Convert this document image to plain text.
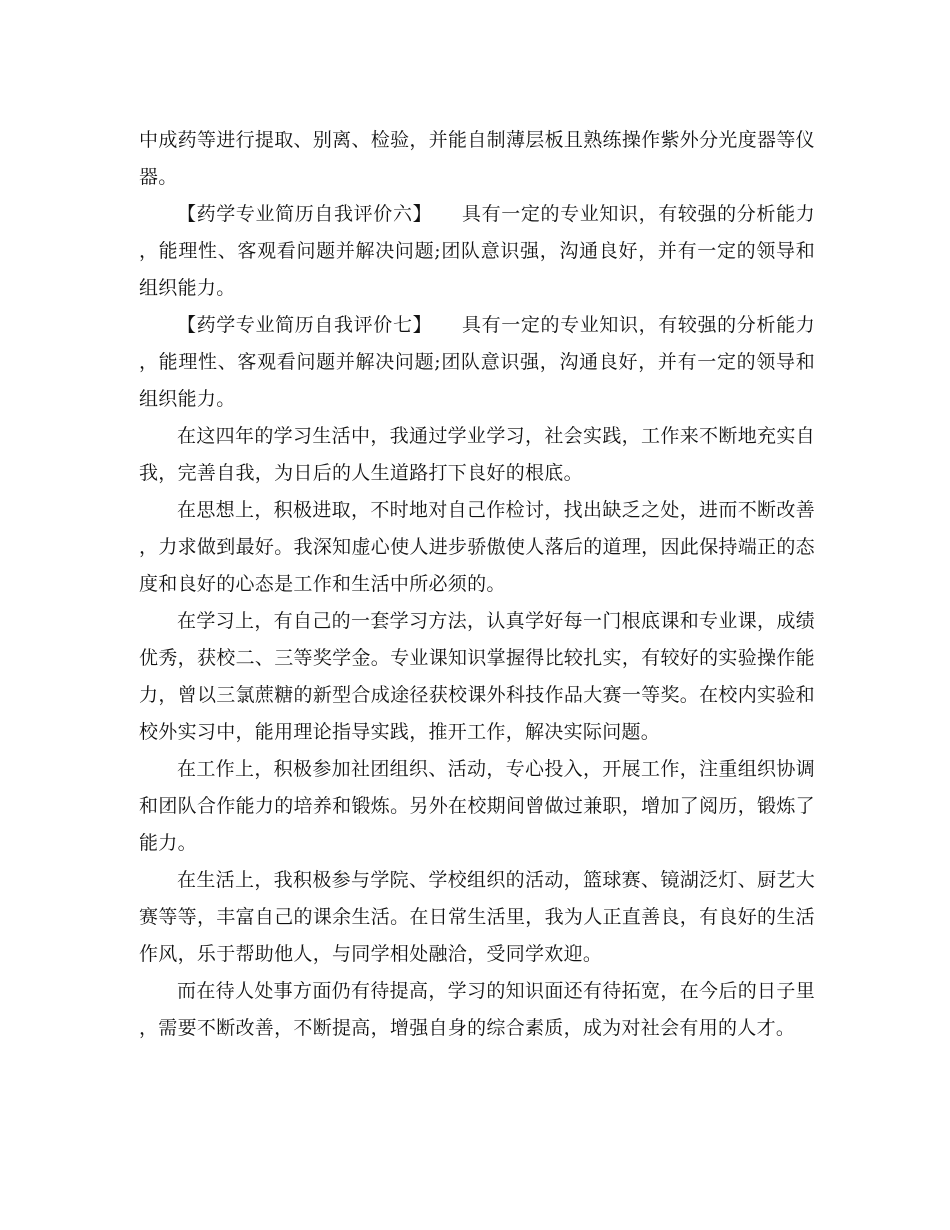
中成药等进行提取、别离、检验，并能自制薄层板且熟练操作紫外分光度器等仪器。

【药学专业简历自我评价六】　　具有一定的专业知识，有较强的分析能力，能理性、客观看问题并解决问题;团队意识强，沟通良好，并有一定的领导和组织能力。

【药学专业简历自我评价七】　　具有一定的专业知识，有较强的分析能力，能理性、客观看问题并解决问题;团队意识强，沟通良好，并有一定的领导和组织能力。

在这四年的学习生活中，我通过学业学习，社会实践，工作来不断地充实自我，完善自我，为日后的人生道路打下良好的根底。

在思想上，积极进取，不时地对自己作检讨，找出缺乏之处，进而不断改善，力求做到最好。我深知虚心使人进步骄傲使人落后的道理，因此保持端正的态度和良好的心态是工作和生活中所必须的。

在学习上，有自己的一套学习方法，认真学好每一门根底课和专业课，成绩优秀，获校二、三等奖学金。专业课知识掌握得比较扎实，有较好的实验操作能力，曾以三氯蔗糖的新型合成途径获校课外科技作品大赛一等奖。在校内实验和校外实习中，能用理论指导实践，推开工作，解决实际问题。

在工作上，积极参加社团组织、活动，专心投入，开展工作，注重组织协调和团队合作能力的培养和锻炼。另外在校期间曾做过兼职，增加了阅历，锻炼了能力。

在生活上，我积极参与学院、学校组织的活动，篮球赛、镜湖泛灯、厨艺大赛等等，丰富自己的课余生活。在日常生活里，我为人正直善良，有良好的生活作风，乐于帮助他人，与同学相处融洽，受同学欢迎。

而在待人处事方面仍有待提高，学习的知识面还有待拓宽，在今后的日子里，需要不断改善，不断提高，增强自身的综合素质，成为对社会有用的人才。
